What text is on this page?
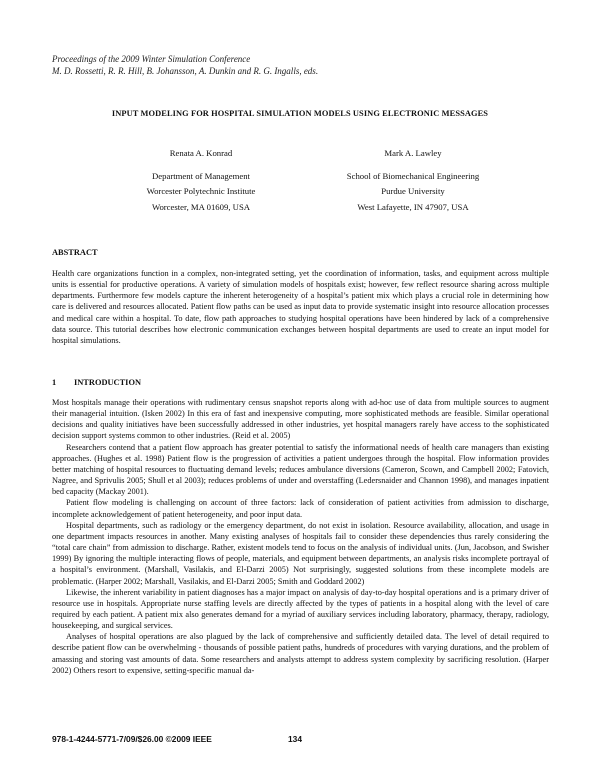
Proceedings of the 2009 Winter Simulation Conference
M. D. Rossetti, R. R. Hill, B. Johansson, A. Dunkin and R. G. Ingalls, eds.
INPUT MODELING FOR HOSPITAL SIMULATION MODELS USING ELECTRONIC MESSAGES
Renata A. Konrad
Department of Management
Worcester Polytechnic Institute
Worcester, MA 01609, USA
Mark A. Lawley
School of Biomechanical Engineering
Purdue University
West Lafayette, IN 47907, USA
ABSTRACT

Health care organizations function in a complex, non-integrated setting, yet the coordination of information, tasks, and equipment across multiple units is essential for productive operations. A variety of simulation models of hospitals exist; however, few reflect resource sharing across multiple departments. Furthermore few models capture the inherent heterogeneity of a hospital’s patient mix which plays a crucial role in determining how care is delivered and resources allocated. Patient flow paths can be used as input data to provide systematic insight into resource allocation processes and medical care within a hospital. To date, flow path approaches to studying hospital operations have been hindered by lack of a comprehensive data source. This tutorial describes how electronic communication exchanges between hospital departments are used to create an input model for hospital simulations.

1 INTRODUCTION

Most hospitals manage their operations with rudimentary census snapshot reports along with ad-hoc use of data from multiple sources to augment their managerial intuition. (Isken 2002) In this era of fast and inexpensive computing, more sophisticated methods are feasible. Similar operational decisions and quality initiatives have been successfully addressed in other industries, yet hospital managers rarely have access to the sophisticated decision support systems common to other industries. (Reid et al. 2005)

Researchers contend that a patient flow approach has greater potential to satisfy the informational needs of health care managers than existing approaches. (Hughes et al. 1998) Patient flow is the progression of activities a patient undergoes through the hospital. Flow information provides better matching of hospital resources to fluctuating demand levels; reduces ambulance diversions (Cameron, Scown, and Campbell 2002; Fatovich, Nagree, and Sprivulis 2005; Shull et al 2003); reduces problems of under and overstaffing (Ledersnaider and Channon 1998), and manages inpatient bed capacity (Mackay 2001).

Patient flow modeling is challenging on account of three factors: lack of consideration of patient activities from admission to discharge, incomplete acknowledgement of patient heterogeneity, and poor input data.

Hospital departments, such as radiology or the emergency department, do not exist in isolation. Resource availability, allocation, and usage in one department impacts resources in another. Many existing analyses of hospitals fail to consider these dependencies thus rarely considering the “total care chain” from admission to discharge. Rather, existent models tend to focus on the analysis of individual units. (Jun, Jacobson, and Swisher 1999) By ignoring the multiple interacting flows of people, materials, and equipment between departments, an analysis risks incomplete portrayal of a hospital’s environment. (Marshall, Vasilakis, and El-Darzi 2005) Not surprisingly, suggested solutions from these incomplete models are problematic. (Harper 2002; Marshall, Vasilakis, and El-Darzi 2005; Smith and Goddard 2002)

Likewise, the inherent variability in patient diagnoses has a major impact on analysis of day-to-day hospital operations and is a primary driver of resource use in hospitals. Appropriate nurse staffing levels are directly affected by the types of patients in a hospital along with the level of care required by each patient. A patient mix also generates demand for a myriad of auxiliary services including laboratory, pharmacy, therapy, radiology, housekeeping, and surgical services.

Analyses of hospital operations are also plagued by the lack of comprehensive and sufficiently detailed data. The level of detail required to describe patient flow can be overwhelming - thousands of possible patient paths, hundreds of procedures with varying durations, and the problem of amassing and storing vast amounts of data. Some researchers and analysts attempt to address system complexity by sacrificing resolution. (Harper 2002) Others resort to expensive, setting-specific manual da-

978-1-4244-5771-7/09/$26.00 ©2009 IEEE	134
